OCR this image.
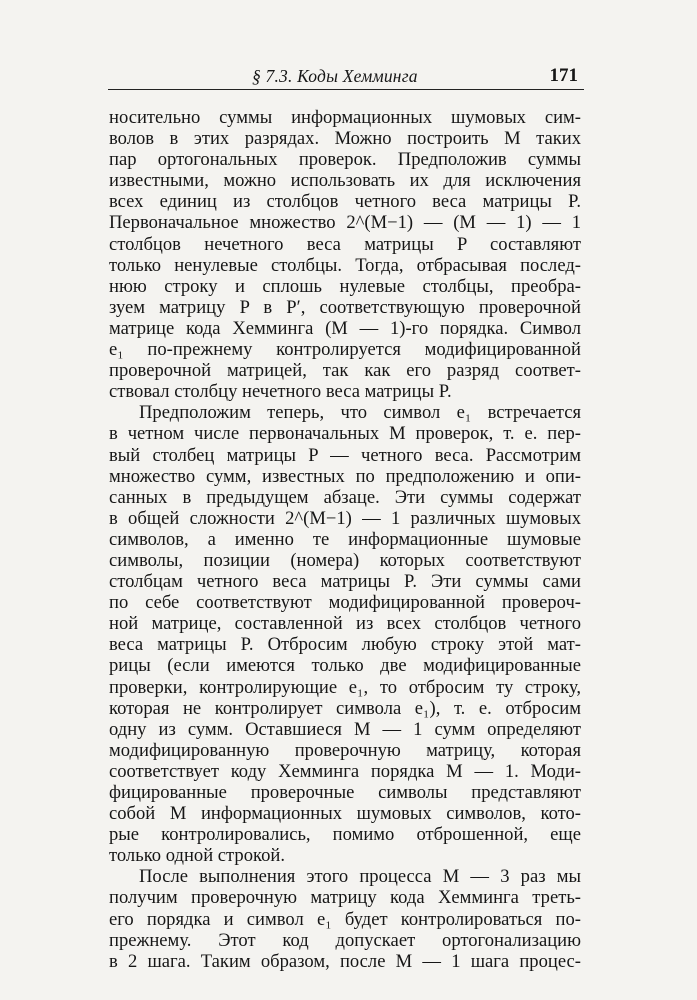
§ 7.3. Коды Хемминга	171
носительно суммы информационных шумовых сим-
волов в этих разрядах. Можно построить M таких
пар ортогональных проверок. Предположив суммы
известными, можно использовать их для исключения
всех единиц из столбцов четного веса матрицы P.
Первоначальное множество 2^(M−1) — (M — 1) — 1
столбцов нечетного веса матрицы P составляют
только ненулевые столбцы. Тогда, отбрасывая послед-
нюю строку и сплошь нулевые столбцы, преобра-
зуем матрицу P в P′, соответствующую проверочной
матрице кода Хемминга (M — 1)-го порядка. Символ
e₁ по-прежнему контролируется модифицированной
проверочной матрицей, так как его разряд соответ-
ствовал столбцу нечетного веса матрицы P.
Предположим теперь, что символ e₁ встречается
в четном числе первоначальных M проверок, т. е. пер-
вый столбец матрицы P — четного веса. Рассмотрим
множество сумм, известных по предположению и опи-
санных в предыдущем абзаце. Эти суммы содержат
в общей сложности 2^(M−1) — 1 различных шумовых
символов, а именно те информационные шумовые
символы, позиции (номера) которых соответствуют
столбцам четного веса матрицы P. Эти суммы сами
по себе соответствуют модифицированной провероч-
ной матрице, составленной из всех столбцов четного
веса матрицы P. Отбросим любую строку этой мат-
рицы (если имеются только две модифицированные
проверки, контролирующие e₁, то отбросим ту строку,
которая не контролирует символа e₁), т. е. отбросим
одну из сумм. Оставшиеся M — 1 сумм определяют
модифицированную проверочную матрицу, которая
соответствует коду Хемминга порядка M — 1. Моди-
фицированные проверочные символы представляют
собой M информационных шумовых символов, кото-
рые контролировались, помимо отброшенной, еще
только одной строкой.
После выполнения этого процесса M — 3 раз мы
получим проверочную матрицу кода Хемминга треть-
его порядка и символ e₁ будет контролироваться по-
прежнему. Этот код допускает ортогонализацию
в 2 шага. Таким образом, после M — 1 шага процес-
